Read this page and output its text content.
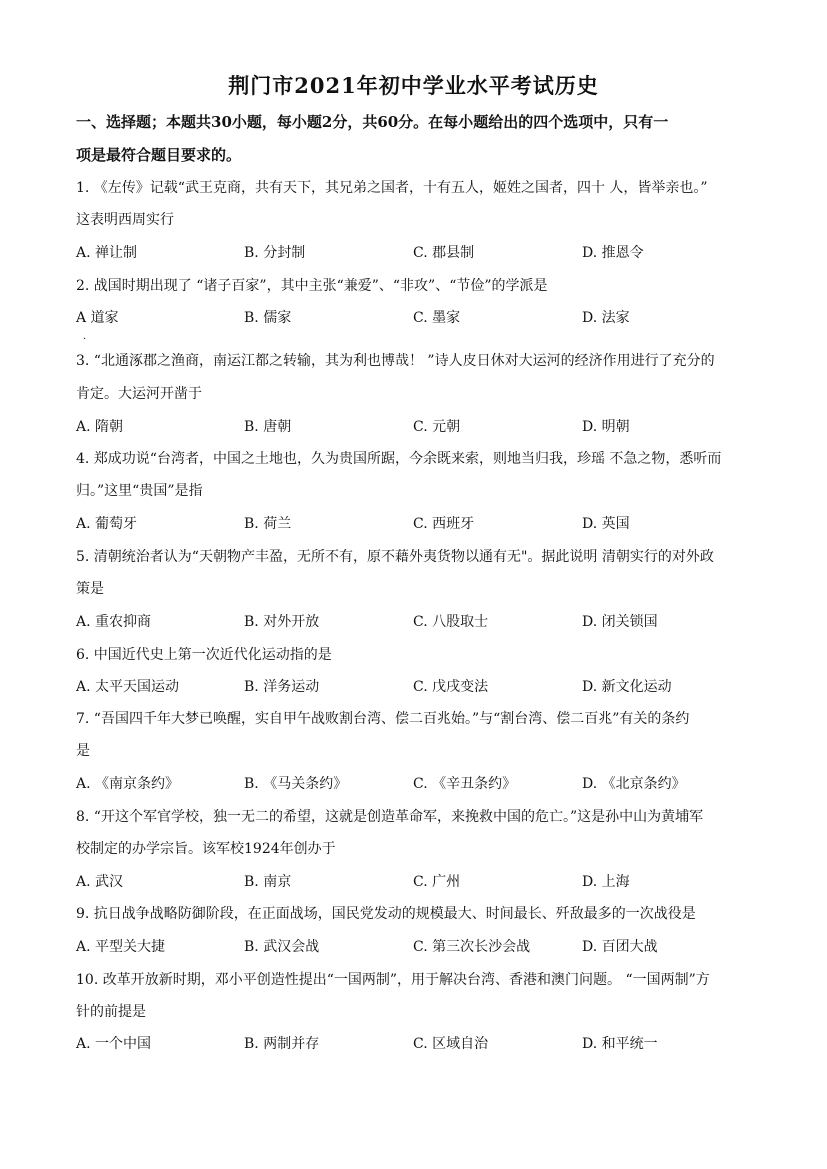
荆门市2021年初中学业水平考试历史
一、选择题；本题共30小题，每小题2分，共60分。在每小题给出的四个选项中，只有一
项是最符合题目要求的。
1. 《左传》记载“武王克商，共有天下，其兄弟之国者，十有五人，姬姓之国者，四十 人，皆举亲也。”
这表明西周实行
A. 禅让制	B. 分封制	C. 郡县制	D. 推恩令
2. 战国时期出现了 “诸子百家”，其中主张“兼爱”、“非攻”、“节俭”的学派是
A 道家	B. 儒家	C. 墨家	D. 法家
.
3. “北通涿郡之渔商，南运江都之转输，其为利也博哉！ ”诗人皮日休对大运河的经济作用进行了充分的
肯定。大运河开凿于
A. 隋朝	B. 唐朝	C. 元朝	D. 明朝
4. 郑成功说“台湾者，中国之土地也，久为贵国所踞，今余既来索，则地当归我，珍瑶 不急之物，悉听而
归。”这里“贵国”是指
A. 葡萄牙	B. 荷兰	C. 西班牙	D. 英国
5. 清朝统治者认为“天朝物产丰盈，无所不有，原不藉外夷货物以通有无"。据此说明 清朝实行的对外政
策是
A. 重农抑商	B. 对外开放	C. 八股取士	D. 闭关锁国
6. 中国近代史上第一次近代化运动指的是
A. 太平天国运动	B. 洋务运动	C. 戊戌变法	D. 新文化运动
7. “吾国四千年大梦已唤醒，实自甲午战败割台湾、偿二百兆始。”与“割台湾、偿二百兆”有关的条约
是
A. 《南京条约》	B. 《马关条约》	C. 《辛丑条约》	D. 《北京条约》
8. “开这个军官学校，独一无二的希望，这就是创造革命军，来挽救中国的危亡。”这是孙中山为黄埔军
校制定的办学宗旨。该军校1924年创办于
A. 武汉	B. 南京	C. 广州	D. 上海
9. 抗日战争战略防御阶段，在正面战场，国民党发动的规模最大、时间最长、歼敌最多的一次战役是
A. 平型关大捷	B. 武汉会战	C. 第三次长沙会战	D. 百团大战
10. 改革开放新时期，邓小平创造性提出“一国两制”，用于解决台湾、香港和澳门问题。 “一国两制”方
针的前提是
A. 一个中国	B. 两制并存	C. 区域自治	D. 和平统一
